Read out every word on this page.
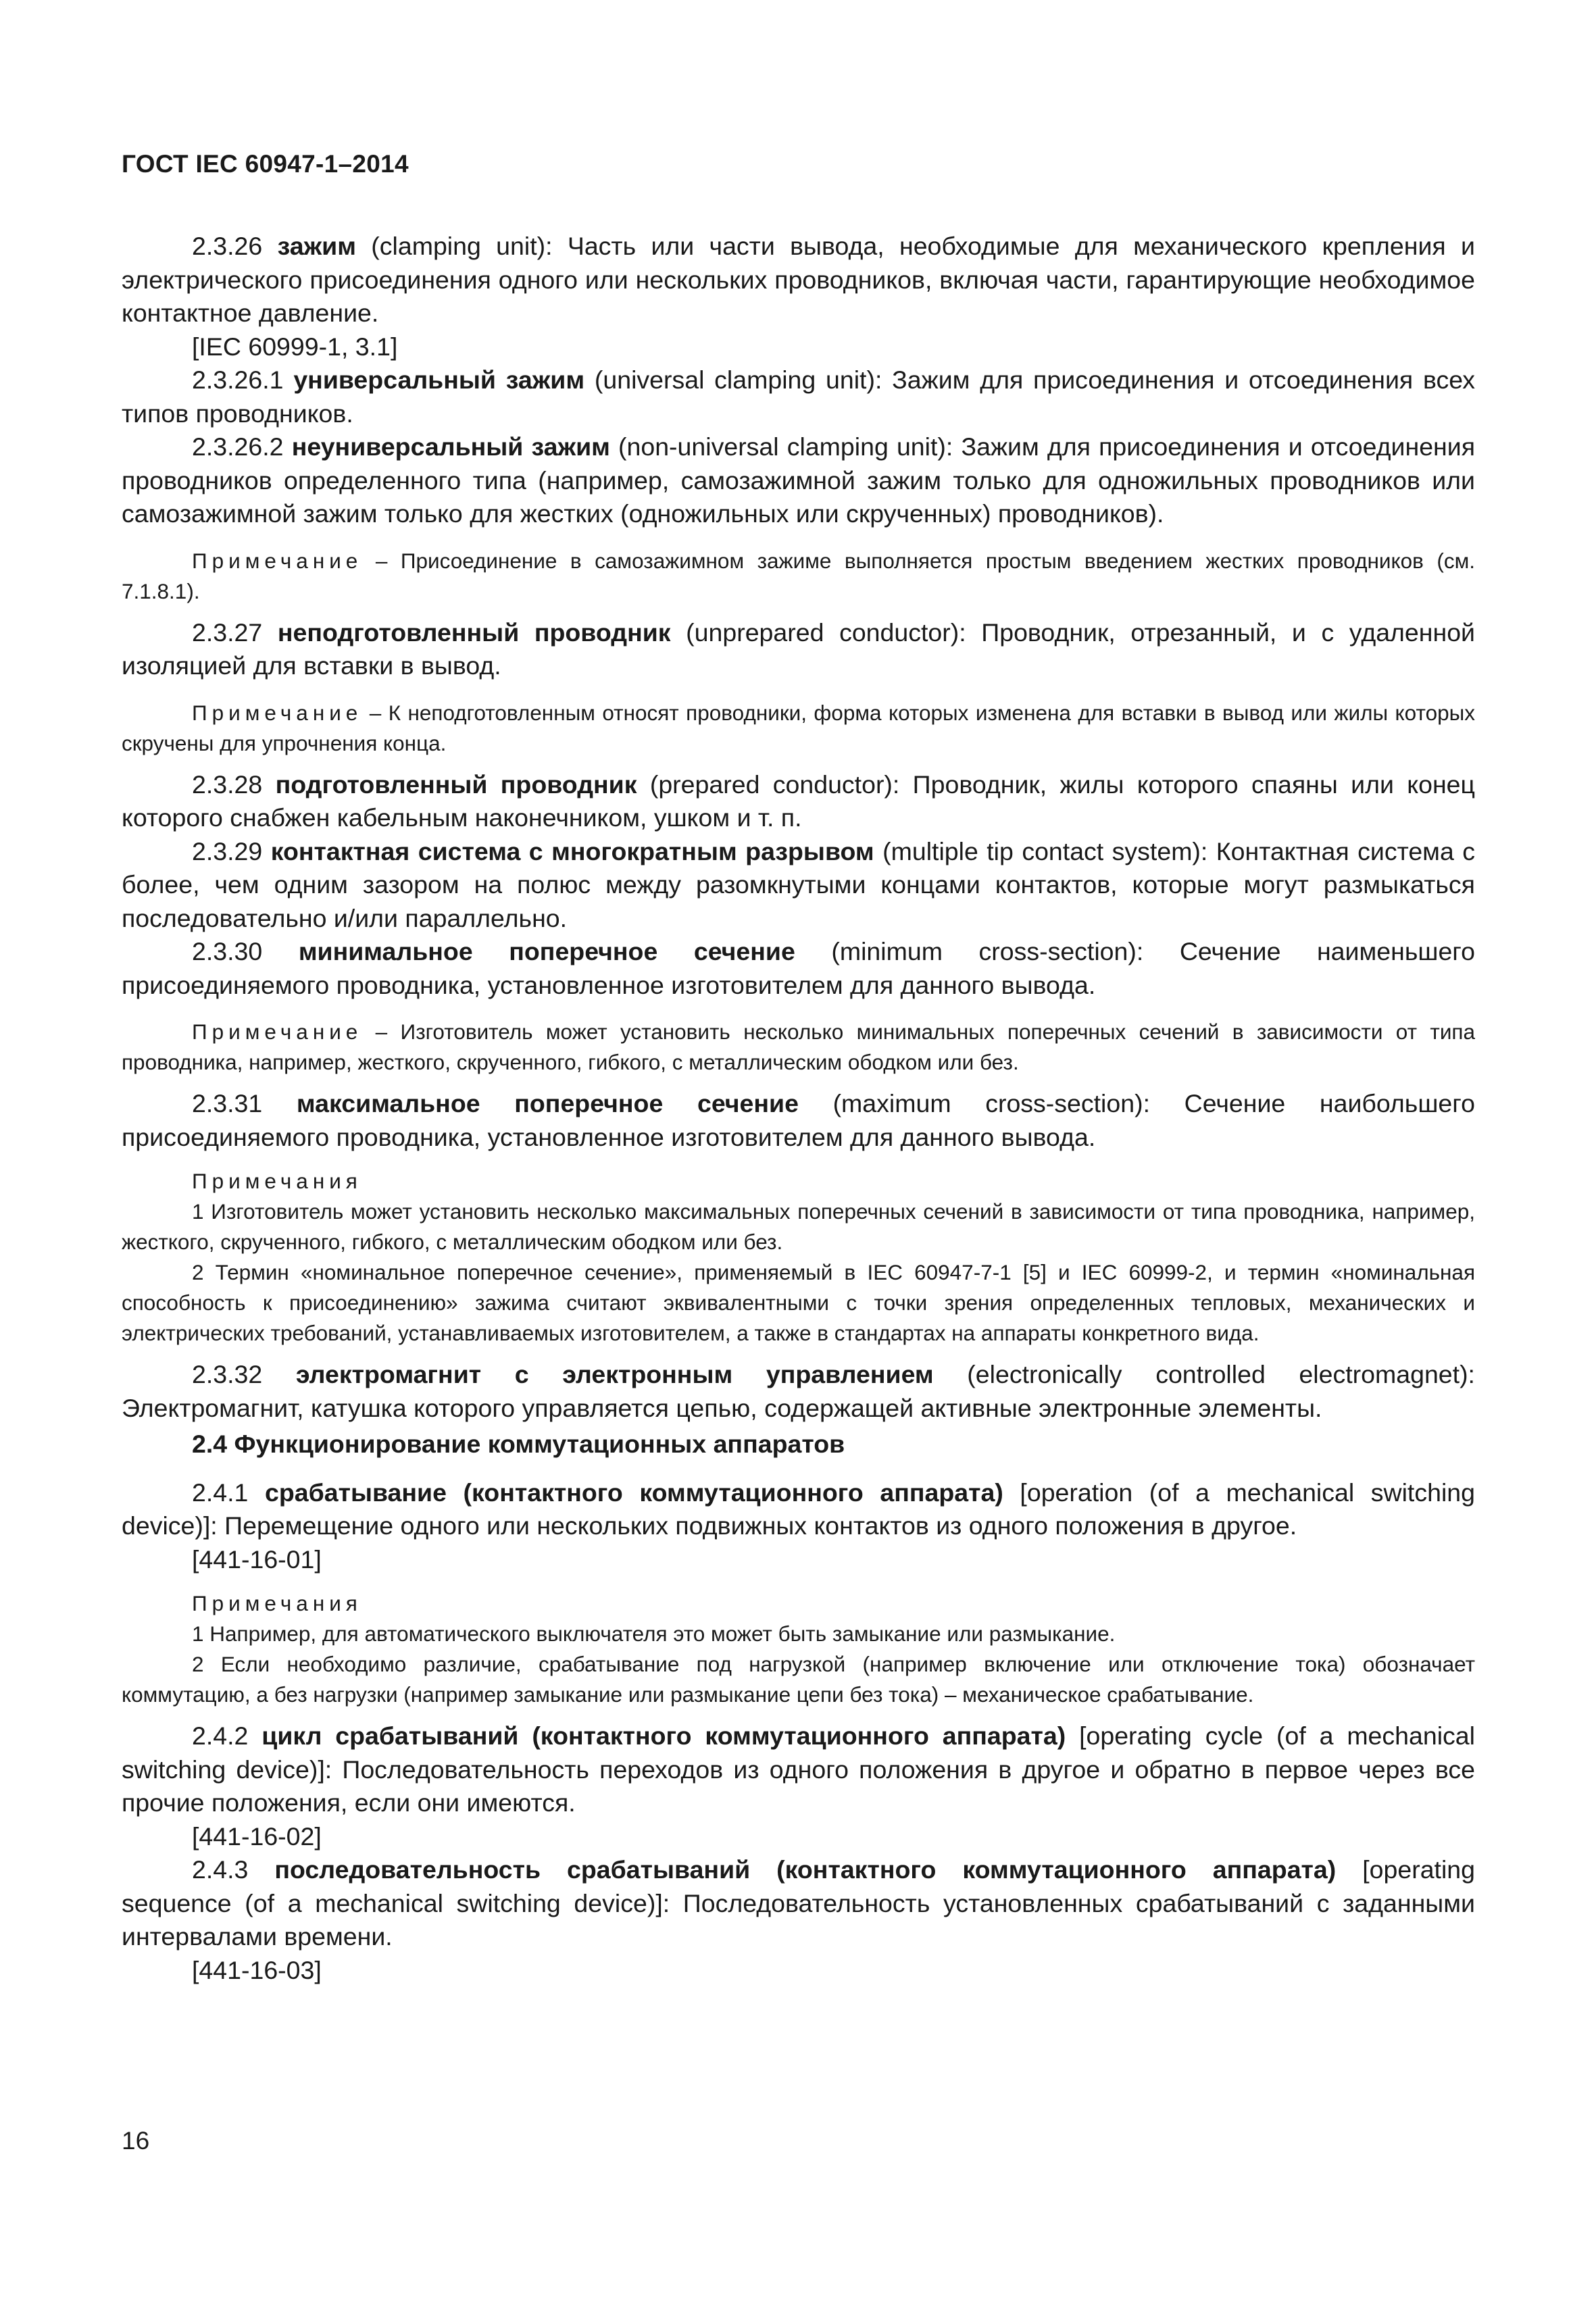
ГОСТ IEC 60947-1–2014

2.3.26 зажим (clamping unit): Часть или части вывода, необходимые для механического крепления и электрического присоединения одного или нескольких проводников, включая части, гарантирующие необходимое контактное давление.

[IEC 60999-1, 3.1]

2.3.26.1 универсальный зажим (universal clamping unit): Зажим для присоединения и отсоединения всех типов проводников.

2.3.26.2 неуниверсальный зажим (non-universal clamping unit): Зажим для присоединения и отсоединения проводников определенного типа (например, самозажимной зажим только для одножильных проводников или самозажимной зажим только для жестких (одножильных или скрученных) проводников).

Примечание – Присоединение в самозажимном зажиме выполняется простым введением жестких проводников (см. 7.1.8.1).

2.3.27 неподготовленный проводник (unprepared conductor): Проводник, отрезанный, и с удаленной изоляцией для вставки в вывод.

Примечание – К неподготовленным относят проводники, форма которых изменена для вставки в вывод или жилы которых скручены для упрочнения конца.

2.3.28 подготовленный проводник (prepared conductor): Проводник, жилы которого спаяны или конец которого снабжен кабельным наконечником, ушком и т. п.

2.3.29 контактная система с многократным разрывом (multiple tip contact system): Контактная система с более, чем одним зазором на полюс между разомкнутыми концами контактов, которые могут размыкаться последовательно и/или параллельно.

2.3.30 минимальное поперечное сечение (minimum cross-section): Сечение наименьшего присоединяемого проводника, установленное изготовителем для данного вывода.

Примечание – Изготовитель может установить несколько минимальных поперечных сечений в зависимости от типа проводника, например, жесткого, скрученного, гибкого, с металлическим ободком или без.

2.3.31 максимальное поперечное сечение (maximum cross-section): Сечение наибольшего присоединяемого проводника, установленное изготовителем для данного вывода.

Примечания

1 Изготовитель может установить несколько максимальных поперечных сечений в зависимости от типа проводника, например, жесткого, скрученного, гибкого, с металлическим ободком или без.

2 Термин «номинальное поперечное сечение», применяемый в IEC 60947-7-1 [5] и IEC 60999-2, и термин «номинальная способность к присоединению» зажима считают эквивалентными с точки зрения определенных тепловых, механических и электрических требований, устанавливаемых изготовителем, а также в стандартах на аппараты конкретного вида.

2.3.32 электромагнит с электронным управлением (electronically controlled electromagnet): Электромагнит, катушка которого управляется цепью, содержащей активные электронные элементы.

2.4 Функционирование коммутационных аппаратов

2.4.1 срабатывание (контактного коммутационного аппарата) [operation (of a mechanical switching device)]: Перемещение одного или нескольких подвижных контактов из одного положения в другое.

[441-16-01]

Примечания

1 Например, для автоматического выключателя это может быть замыкание или размыкание.

2 Если необходимо различие, срабатывание под нагрузкой (например включение или отключение тока) обозначает коммутацию, а без нагрузки (например замыкание или размыкание цепи без тока) – механическое срабатывание.

2.4.2 цикл срабатываний (контактного коммутационного аппарата) [operating cycle (of a mechanical switching device)]: Последовательность переходов из одного положения в другое и обратно в первое через все прочие положения, если они имеются.

[441-16-02]

2.4.3 последовательность срабатываний (контактного коммутационного аппарата) [operating sequence (of a mechanical switching device)]: Последовательность установленных срабатываний с заданными интервалами времени.

[441-16-03]

16
